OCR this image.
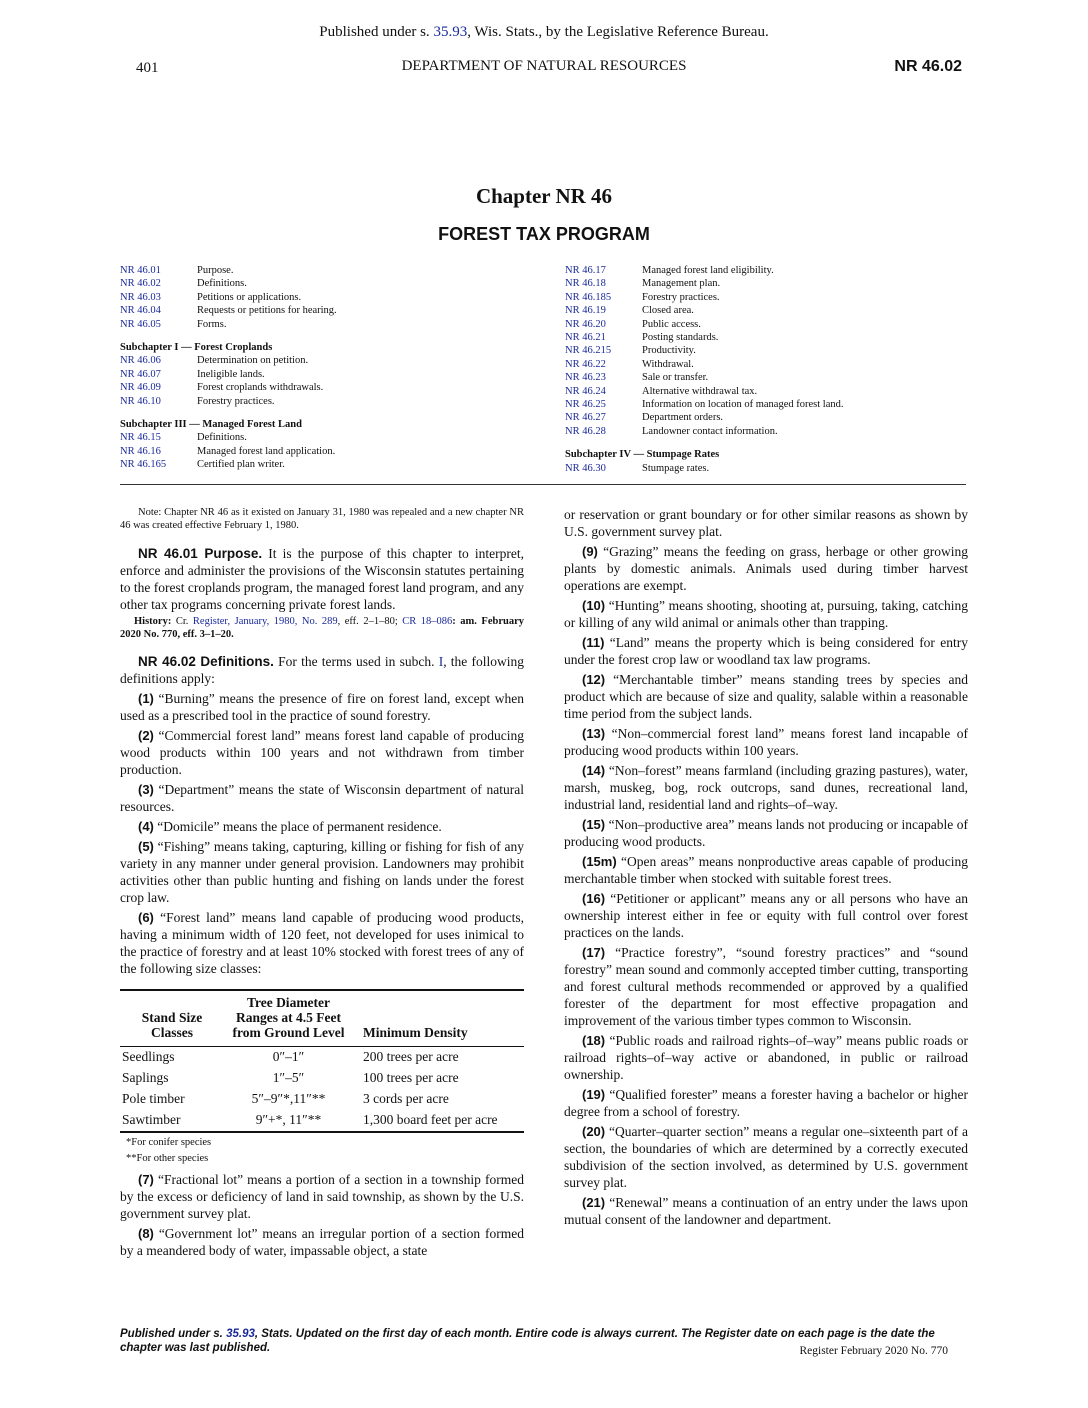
Published under s. 35.93, Wis. Stats., by the Legislative Reference Bureau.
401	DEPARTMENT OF NATURAL RESOURCES	NR 46.02
Chapter NR 46
FOREST TAX PROGRAM
NR 46.01	Purpose.
NR 46.02	Definitions.
NR 46.03	Petitions or applications.
NR 46.04	Requests or petitions for hearing.
NR 46.05	Forms.
Subchapter I — Forest Croplands
NR 46.06	Determination on petition.
NR 46.07	Ineligible lands.
NR 46.09	Forest croplands withdrawals.
NR 46.10	Forestry practices.
Subchapter III — Managed Forest Land
NR 46.15	Definitions.
NR 46.16	Managed forest land application.
NR 46.165	Certified plan writer.
NR 46.17	Managed forest land eligibility.
NR 46.18	Management plan.
NR 46.185	Forestry practices.
NR 46.19	Closed area.
NR 46.20	Public access.
NR 46.21	Posting standards.
NR 46.215	Productivity.
NR 46.22	Withdrawal.
NR 46.23	Sale or transfer.
NR 46.24	Alternative withdrawal tax.
NR 46.25	Information on location of managed forest land.
NR 46.27	Department orders.
NR 46.28	Landowner contact information.
Subchapter IV — Stumpage Rates
NR 46.30	Stumpage rates.

Note: Chapter NR 46 as it existed on January 31, 1980 was repealed and a new chapter NR 46 was created effective February 1, 1980.

NR 46.01 Purpose. It is the purpose of this chapter to interpret, enforce and administer the provisions of the Wisconsin statutes pertaining to the forest croplands program, the managed forest land program, and any other tax programs concerning private forest lands.

History: Cr. Register, January, 1980, No. 289, eff. 2–1–80; CR 18–086: am. February 2020 No. 770, eff. 3–1–20.

NR 46.02 Definitions. For the terms used in subch. I, the following definitions apply:

(1) “Burning” means the presence of fire on forest land, except when used as a prescribed tool in the practice of sound forestry.

(2) “Commercial forest land” means forest land capable of producing wood products within 100 years and not withdrawn from timber production.

(3) “Department” means the state of Wisconsin department of natural resources.

(4) “Domicile” means the place of permanent residence.

(5) “Fishing” means taking, capturing, killing or fishing for fish of any variety in any manner under general provision. Landowners may prohibit activities other than public hunting and fishing on lands under the forest crop law.

(6) “Forest land” means land capable of producing wood products, having a minimum width of 120 feet, not developed for uses inimical to the practice of forestry and at least 10% stocked with forest trees of any of the following size classes:

Stand Size Classes	Tree Diameter Ranges at 4.5 Feet from Ground Level	Minimum Density
Seedlings	0″–1″	200 trees per acre
Saplings	1″–5″	100 trees per acre
Pole timber	5″–9″*,11″**	3 cords per acre
Sawtimber	9″+*, 11″**	1,300 board feet per acre
*For conifer species
**For other species

(7) “Fractional lot” means a portion of a section in a township formed by the excess or deficiency of land in said township, as shown by the U.S. government survey plat.

(8) “Government lot” means an irregular portion of a section formed by a meandered body of water, impassable object, a state

or reservation or grant boundary or for other similar reasons as shown by U.S. government survey plat.

(9) “Grazing” means the feeding on grass, herbage or other growing plants by domestic animals. Animals used during timber harvest operations are exempt.

(10) “Hunting” means shooting, shooting at, pursuing, taking, catching or killing of any wild animal or animals other than trapping.

(11) “Land” means the property which is being considered for entry under the forest crop law or woodland tax law programs.

(12) “Merchantable timber” means standing trees by species and product which are because of size and quality, salable within a reasonable time period from the subject lands.

(13) “Non–commercial forest land” means forest land incapable of producing wood products within 100 years.

(14) “Non–forest” means farmland (including grazing pastures), water, marsh, muskeg, bog, rock outcrops, sand dunes, recreational land, industrial land, residential land and rights–of–way.

(15) “Non–productive area” means lands not producing or incapable of producing wood products.

(15m) “Open areas” means nonproductive areas capable of producing merchantable timber when stocked with suitable forest trees.

(16) “Petitioner or applicant” means any or all persons who have an ownership interest either in fee or equity with full control over forest practices on the lands.

(17) “Practice forestry”, “sound forestry practices” and “sound forestry” mean sound and commonly accepted timber cutting, transporting and forest cultural methods recommended or approved by a qualified forester of the department for most effective propagation and improvement of the various timber types common to Wisconsin.

(18) “Public roads and railroad rights–of–way” means public roads or railroad rights–of–way active or abandoned, in public or railroad ownership.

(19) “Qualified forester” means a forester having a bachelor or higher degree from a school of forestry.

(20) “Quarter–quarter section” means a regular one–sixteenth part of a section, the boundaries of which are determined by a correctly executed subdivision of the section involved, as determined by U.S. government survey plat.

(21) “Renewal” means a continuation of an entry under the laws upon mutual consent of the landowner and department.

Published under s. 35.93, Stats. Updated on the first day of each month. Entire code is always current. The Register date on each page is the date the chapter was last published.	Register February 2020 No. 770
